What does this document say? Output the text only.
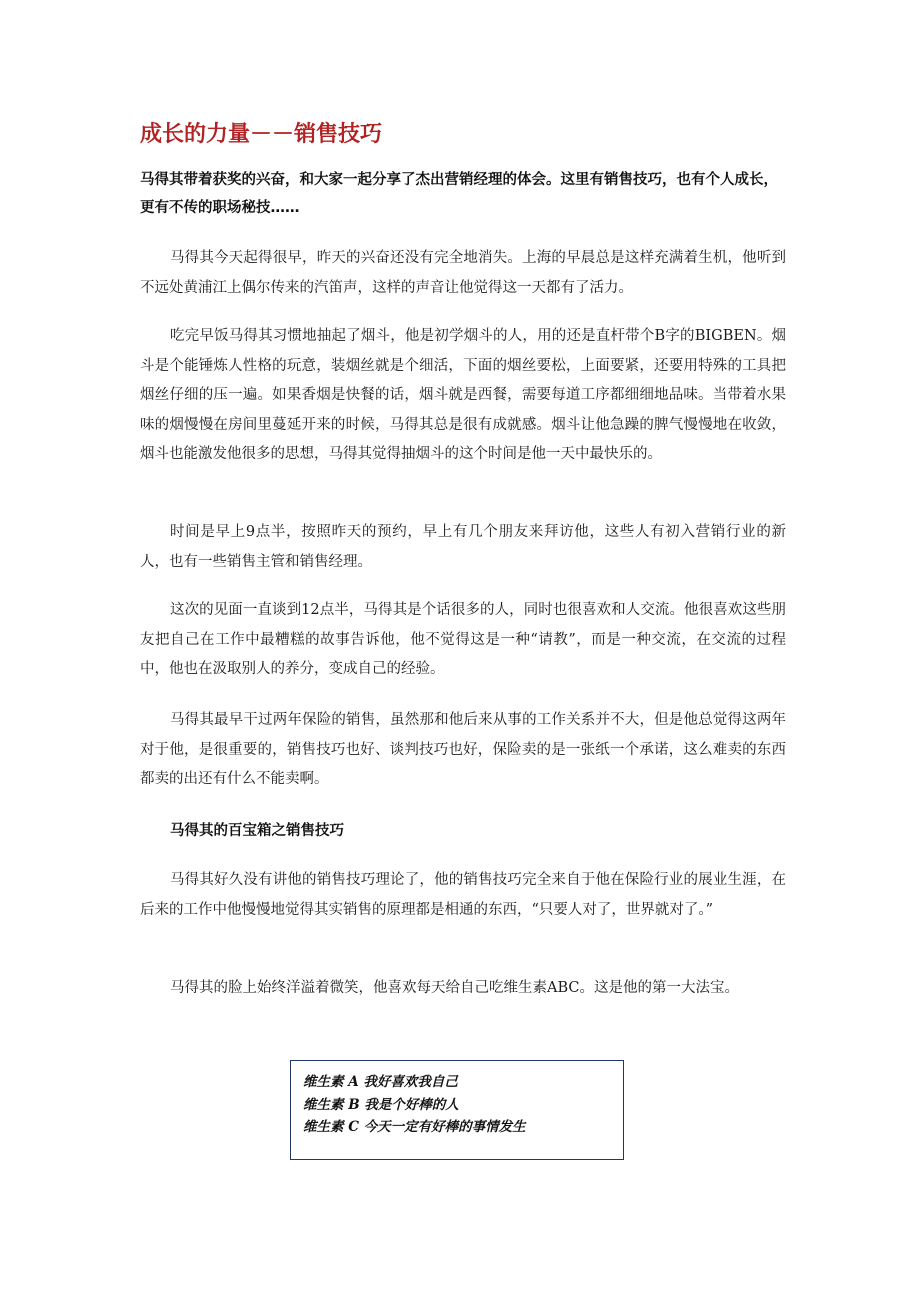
成长的力量－－销售技巧

马得其带着获奖的兴奋，和大家一起分享了杰出营销经理的体会。这里有销售技巧，也有个人成长，更有不传的职场秘技……

马得其今天起得很早，昨天的兴奋还没有完全地消失。上海的早晨总是这样充满着生机，他听到不远处黄浦江上偶尔传来的汽笛声，这样的声音让他觉得这一天都有了活力。

吃完早饭马得其习惯地抽起了烟斗，他是初学烟斗的人，用的还是直杆带个B字的BIGBEN。烟斗是个能锤炼人性格的玩意，装烟丝就是个细活，下面的烟丝要松，上面要紧，还要用特殊的工具把烟丝仔细的压一遍。如果香烟是快餐的话，烟斗就是西餐，需要每道工序都细细地品味。当带着水果味的烟慢慢在房间里蔓延开来的时候，马得其总是很有成就感。烟斗让他急躁的脾气慢慢地在收敛，烟斗也能激发他很多的思想，马得其觉得抽烟斗的这个时间是他一天中最快乐的。

时间是早上9点半，按照昨天的预约，早上有几个朋友来拜访他，这些人有初入营销行业的新人，也有一些销售主管和销售经理。

这次的见面一直谈到12点半，马得其是个话很多的人，同时也很喜欢和人交流。他很喜欢这些朋友把自己在工作中最糟糕的故事告诉他，他不觉得这是一种“请教”，而是一种交流，在交流的过程中，他也在汲取别人的养分，变成自己的经验。

马得其最早干过两年保险的销售，虽然那和他后来从事的工作关系并不大，但是他总觉得这两年对于他，是很重要的，销售技巧也好、谈判技巧也好，保险卖的是一张纸一个承诺，这么难卖的东西都卖的出还有什么不能卖啊。

马得其的百宝箱之销售技巧

马得其好久没有讲他的销售技巧理论了，他的销售技巧完全来自于他在保险行业的展业生涯，在后来的工作中他慢慢地觉得其实销售的原理都是相通的东西，“只要人对了，世界就对了。”

马得其的脸上始终洋溢着微笑，他喜欢每天给自己吃维生素ABC。这是他的第一大法宝。

维生素 A 我好喜欢我自己

维生素 B 我是个好棒的人

维生素 C 今天一定有好棒的事情发生
